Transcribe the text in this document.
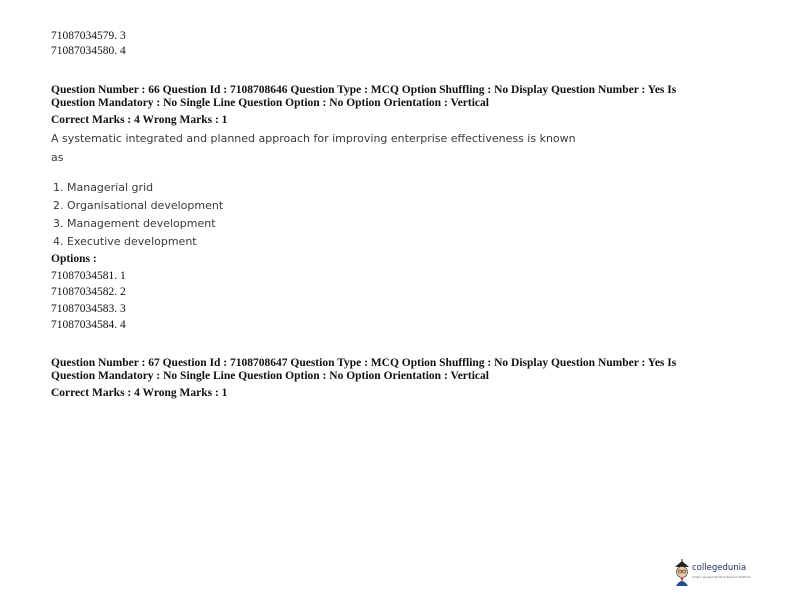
71087034579. 3
71087034580. 4
Question Number : 66 Question Id : 7108708646 Question Type : MCQ Option Shuffling : No Display Question Number : Yes Is
Question Mandatory : No Single Line Question Option : No Option Orientation : Vertical
Correct Marks : 4 Wrong Marks : 1
A systematic integrated and planned approach for improving enterprise effectiveness is known
as
1. Managerial grid
2. Organisational development
3. Management development
4. Executive development
Options :
71087034581. 1
71087034582. 2
71087034583. 3
71087034584. 4
Question Number : 67 Question Id : 7108708647 Question Type : MCQ Option Shuffling : No Display Question Number : Yes Is
Question Mandatory : No Single Line Question Option : No Option Orientation : Vertical
Correct Marks : 4 Wrong Marks : 1
collegedunia
India's largest Student Review Platform
